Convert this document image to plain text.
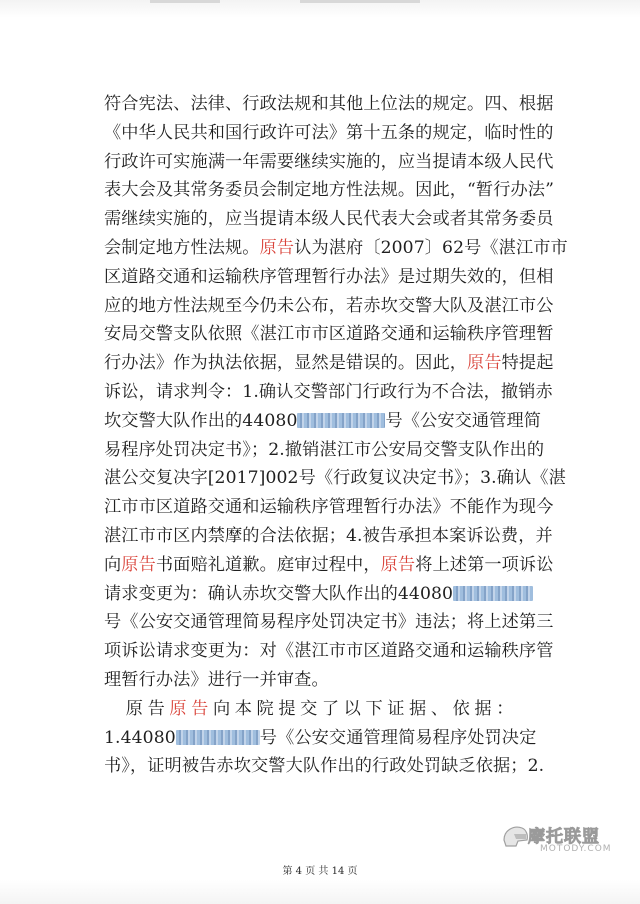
符合宪法、法律、行政法规和其他上位法的规定。四、根据
《中华人民共和国行政许可法》第十五条的规定，临时性的
行政许可实施满一年需要继续实施的，应当提请本级人民代
表大会及其常务委员会制定地方性法规。因此，“暂行办法”
需继续实施的，应当提请本级人民代表大会或者其常务委员
会制定地方性法规。原告认为湛府〔2007〕62号《湛江市市
区道路交通和运输秩序管理暂行办法》是过期失效的，但相
应的地方性法规至今仍未公布，若赤坎交警大队及湛江市公
安局交警支队依照《湛江市市区道路交通和运输秩序管理暂
行办法》作为执法依据，显然是错误的。因此，原告特提起
诉讼，请求判令：1.确认交警部门行政行为不合法，撤销赤
坎交警大队作出的44080	号《公安交通管理简
易程序处罚决定书》；2.撤销湛江市公安局交警支队作出的
湛公交复决字[2017]002号《行政复议决定书》；3.确认《湛
江市市区道路交通和运输秩序管理暂行办法》不能作为现今
湛江市市区内禁摩的合法依据；4.被告承担本案诉讼费，并
向原告书面赔礼道歉。庭审过程中，原告将上述第一项诉讼
请求变更为：确认赤坎交警大队作出的44080
号《公安交通管理简易程序处罚决定书》违法；将上述第三
项诉讼请求变更为：对《湛江市市区道路交通和运输秩序管
理暂行办法》进行一并审查。
　原告原告向本院提交了以下证据、依据：
1.44080	号《公安交通管理简易程序处罚决定
书》，证明被告赤坎交警大队作出的行政处罚缺乏依据；2.
第 4 页 共 14 页
摩托联盟
MOTODY.COM
